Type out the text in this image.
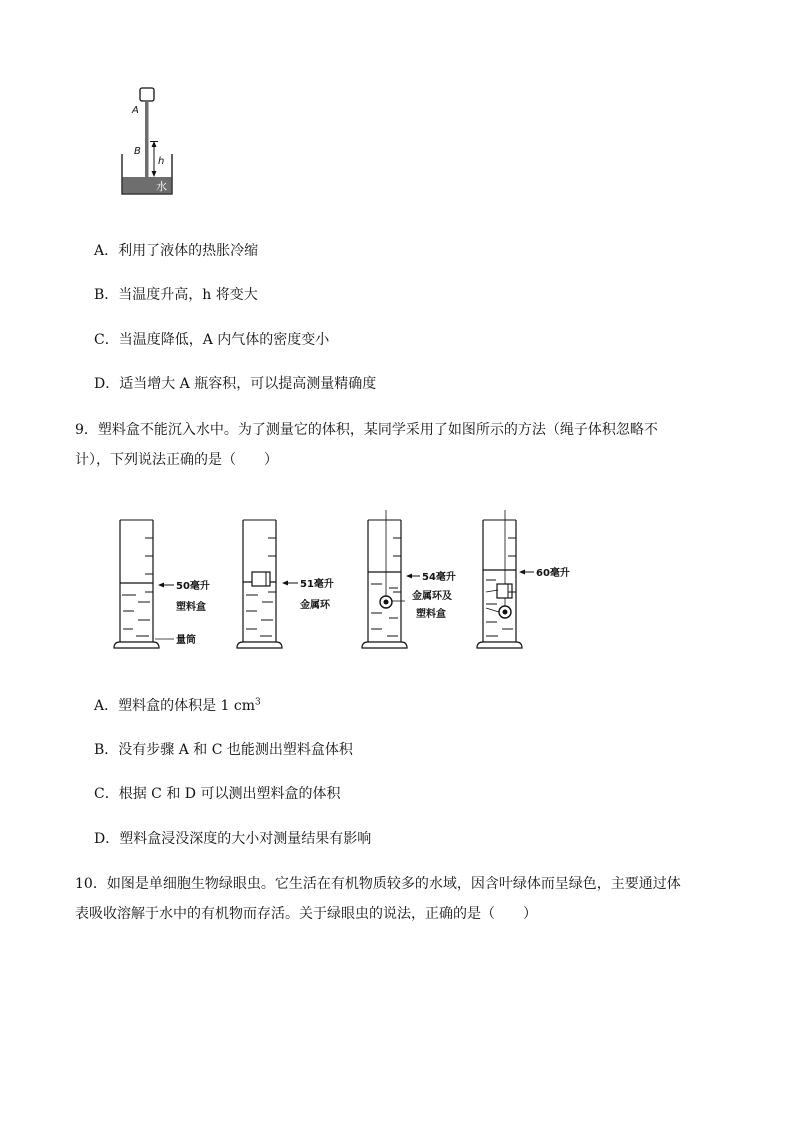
A
B
h
水
A．利用了液体的热胀冷缩
B．当温度升高，h 将变大
C．当温度降低，A 内气体的密度变小
D．适当增大 A 瓶容积，可以提高测量精确度
9．塑料盒不能沉入水中。为了测量它的体积，某同学采用了如图所示的方法（绳子体积忽略不
计），下列说法正确的是（　　）
50毫升
塑料盒
量筒
51毫升
金属环
54毫升
金属环及
塑料盒
60毫升
A．塑料盒的体积是 1 $cm^3$
B．没有步骤 A 和 C 也能测出塑料盒体积
C．根据 C 和 D 可以测出塑料盒的体积
D．塑料盒浸没深度的大小对测量结果有影响
10．如图是单细胞生物绿眼虫。它生活在有机物质较多的水域，因含叶绿体而呈绿色，主要通过体
表吸收溶解于水中的有机物而存活。关于绿眼虫的说法，正确的是（　　）
